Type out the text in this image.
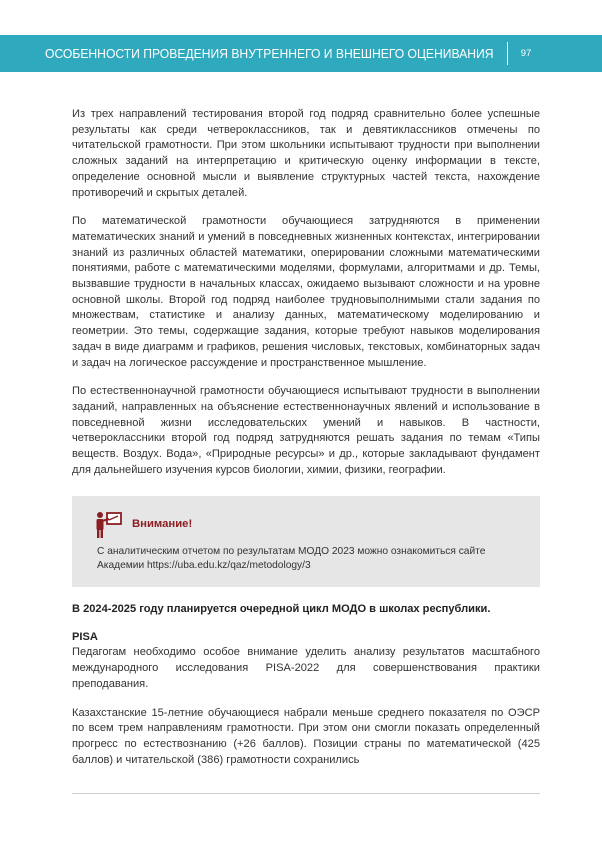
ОСОБЕННОСТИ ПРОВЕДЕНИЯ ВНУТРЕННЕГО И ВНЕШНЕГО ОЦЕНИВАНИЯ	97

Из трех направлений тестирования второй год подряд сравнительно более успешные результаты как среди четвероклассников, так и девятиклассников отмечены по читательской грамотности. При этом школьники испытывают трудности при выполнении сложных заданий на интерпретацию и критическую оценку информации в тексте, определение основной мысли и выявление структурных частей текста, нахождение противоречий и скрытых деталей.

По математической грамотности обучающиеся затрудняются в применении математических знаний и умений в повседневных жизненных контекстах, интегрировании знаний из различных областей математики, оперировании сложными математическими понятиями, работе с математическими моделями, формулами, алгоритмами и др. Темы, вызвавшие трудности в начальных классах, ожидаемо вызывают сложности и на уровне основной школы. Второй год подряд наиболее трудновыполнимыми стали задания по множествам, статистике и анализу данных, математическому моделированию и геометрии. Это темы, содержащие задания, которые требуют навыков моделирования задач в виде диаграмм и графиков, решения числовых, текстовых, комбинаторных задач и задач на логическое рассуждение и пространственное мышление.

По естественнонаучной грамотности обучающиеся испытывают трудности в выполнении заданий, направленных на объяснение естественнонаучных явлений и использование в повседневной жизни исследовательских умений и навыков. В частности, четвероклассники второй год подряд затрудняются решать задания по темам «Типы веществ. Воздух. Вода», «Природные ресурсы» и др., которые закладывают фундамент для дальнейшего изучения курсов биологии, химии, физики, географии.

Внимание!
С аналитическим отчетом по результатам МОДО 2023 можно ознакомиться сайте Академии https://uba.edu.kz/qaz/metodology/3

В 2024-2025 году планируется очередной цикл МОДО в школах республики.

PISA

Педагогам необходимо особое внимание уделить анализу результатов масштабного международного исследования PISA-2022 для совершенствования практики преподавания.

Казахстанские 15-летние обучающиеся набрали меньше среднего показателя по ОЭСР по всем трем направлениям грамотности. При этом они смогли показать определенный прогресс по естествознанию (+26 баллов). Позиции страны по математической (425 баллов) и читательской (386) грамотности сохранились
